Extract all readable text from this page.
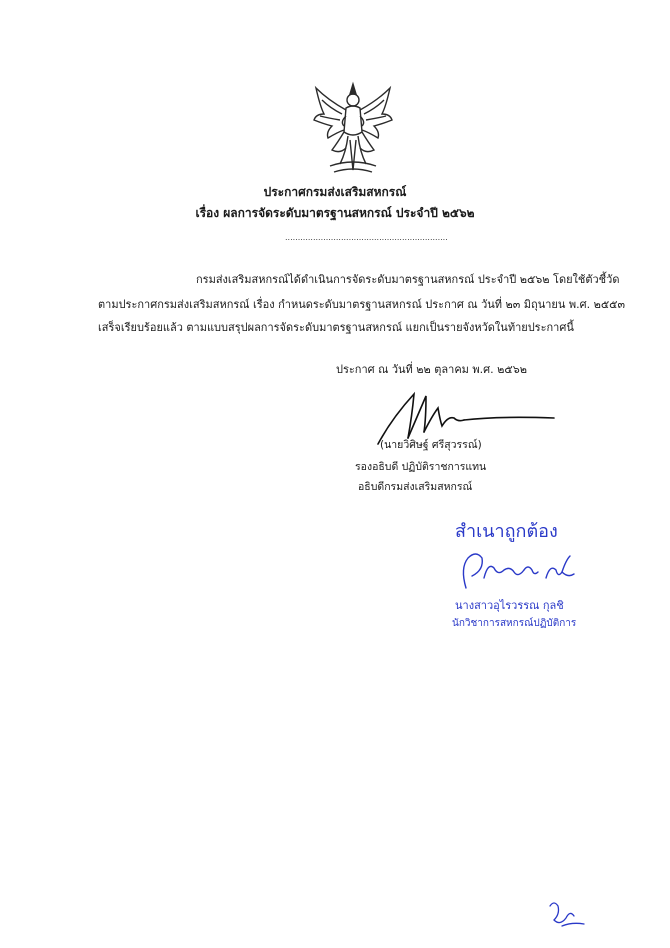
ประกาศกรมส่งเสริมสหกรณ์
เรื่อง ผลการจัดระดับมาตรฐานสหกรณ์ ประจำปี ๒๕๖๒
................................................................
กรมส่งเสริมสหกรณ์ได้ดำเนินการจัดระดับมาตรฐานสหกรณ์ ประจำปี ๒๕๖๒ โดยใช้ตัวชี้วัด
ตามประกาศกรมส่งเสริมสหกรณ์ เรื่อง กำหนดระดับมาตรฐานสหกรณ์ ประกาศ ณ วันที่ ๒๓ มิถุนายน พ.ศ. ๒๕๕๓
เสร็จเรียบร้อยแล้ว ตามแบบสรุปผลการจัดระดับมาตรฐานสหกรณ์ แยกเป็นรายจังหวัดในท้ายประกาศนี้
ประกาศ ณ วันที่ ๒๒ ตุลาคม พ.ศ. ๒๕๖๒
(นายวิศิษฐ์ ศรีสุวรรณ์)
รองอธิบดี ปฏิบัติราชการแทน
อธิบดีกรมส่งเสริมสหกรณ์
สำเนาถูกต้อง
นางสาวอุไรวรรณ กุลชิ
นักวิชาการสหกรณ์ปฏิบัติการ
